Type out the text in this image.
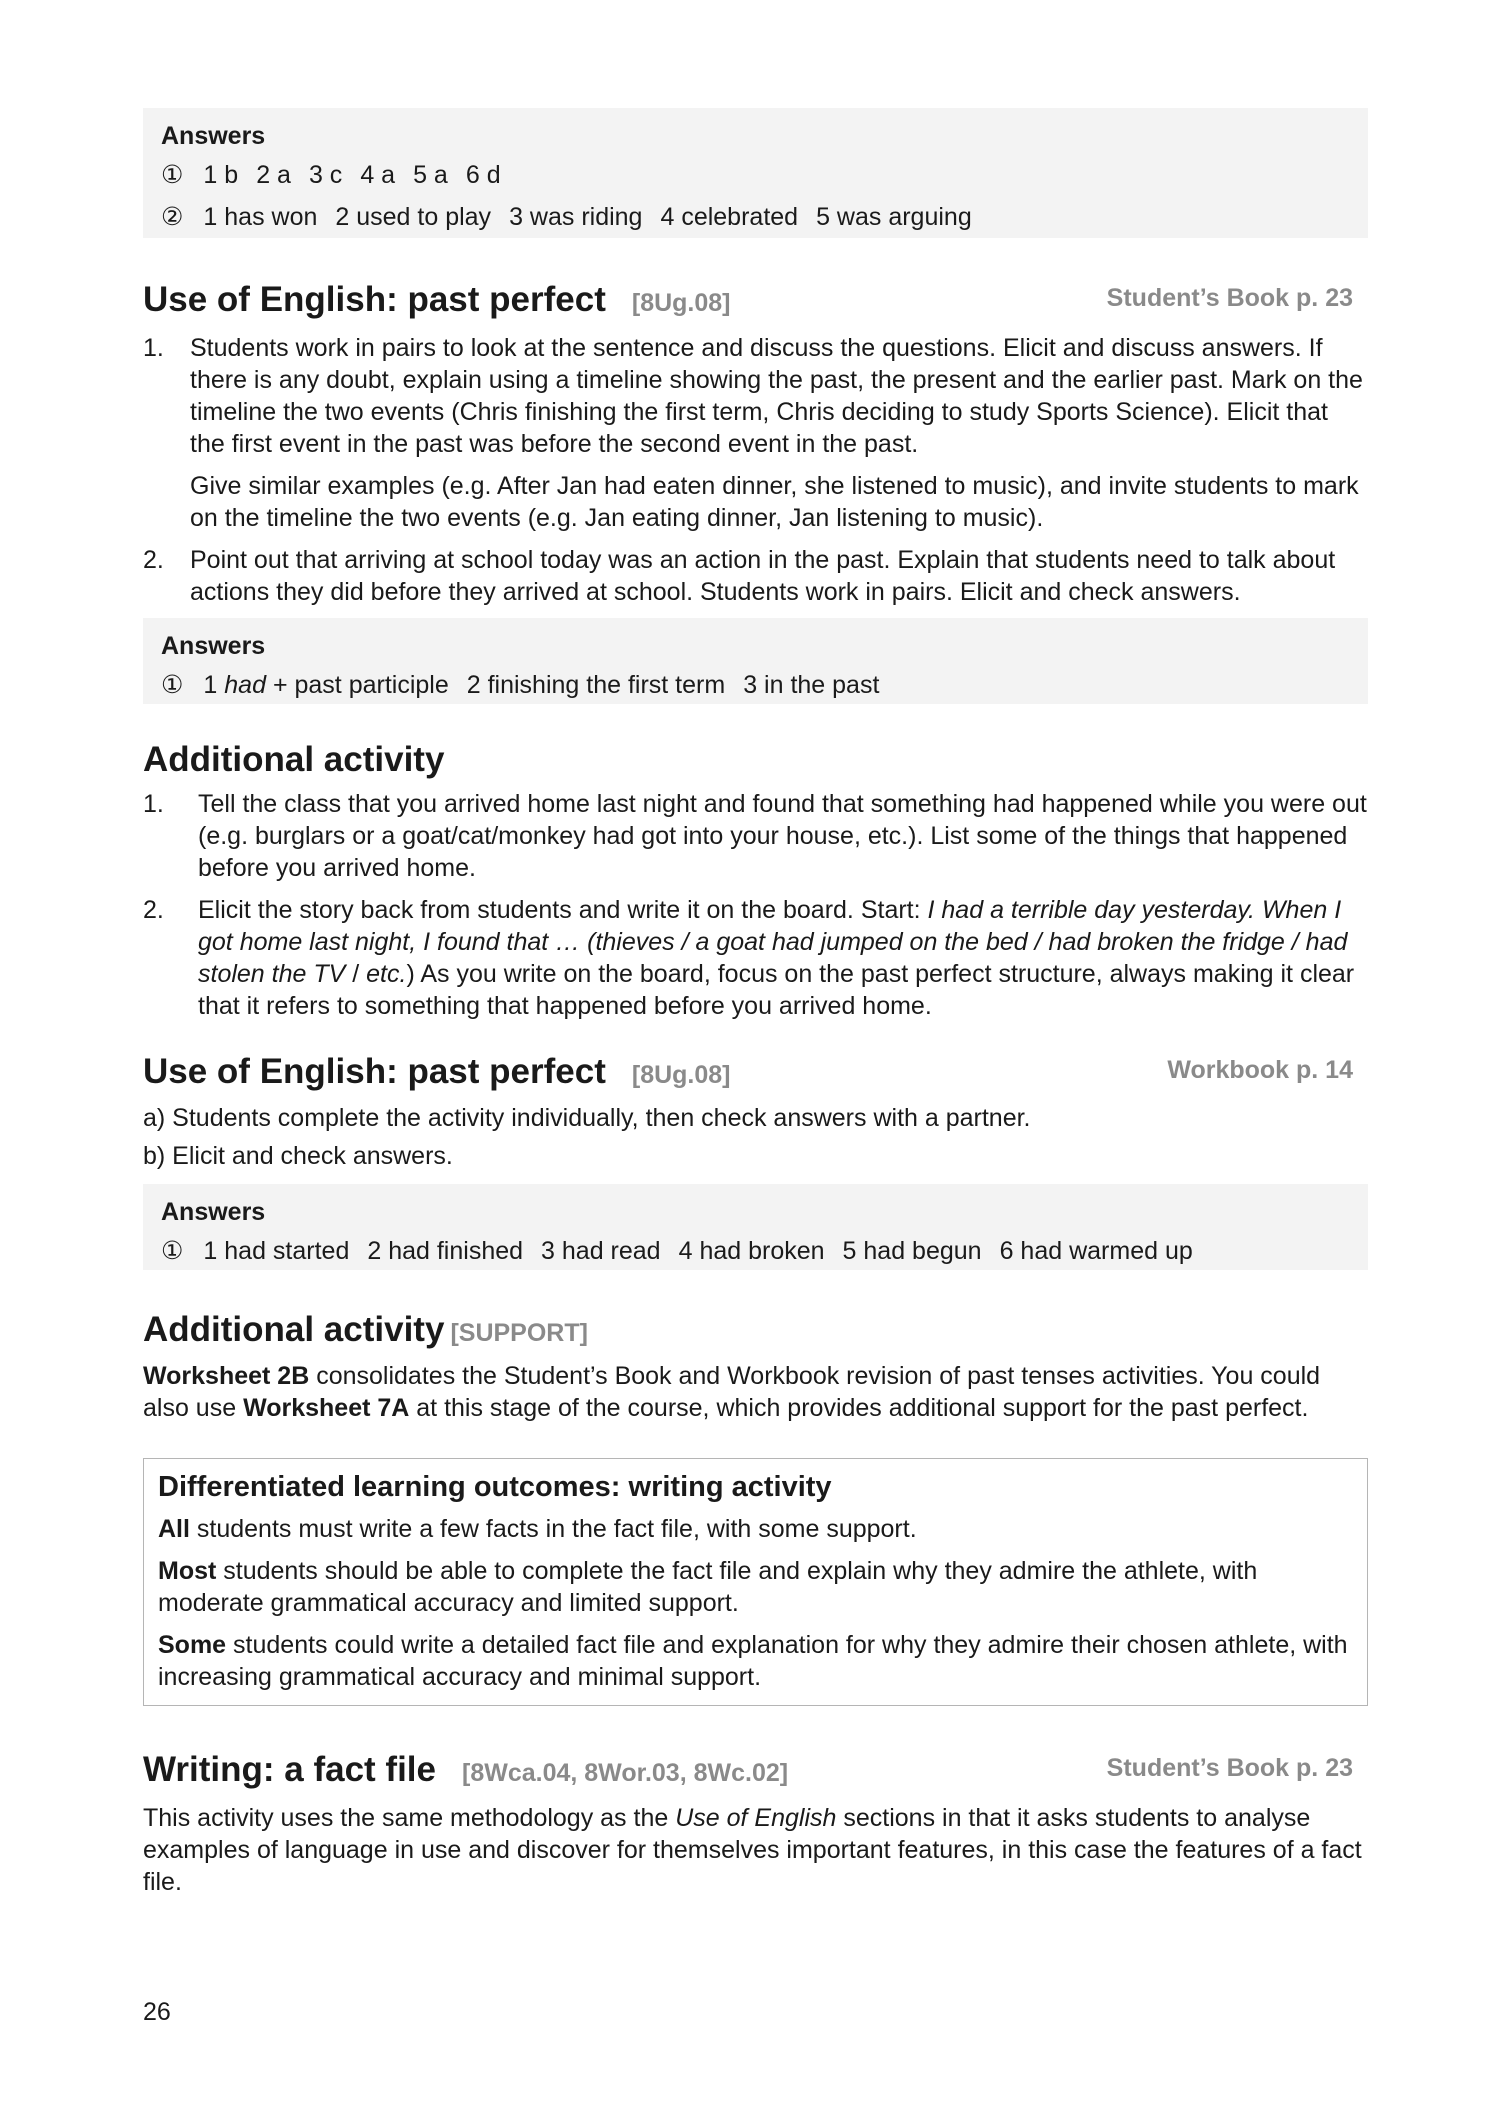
Answers
① 1 b 2 a 3 c 4 a 5 a 6 d
② 1 has won 2 used to play 3 was riding 4 celebrated 5 was arguing
Use of English: past perfect [8Ug.08]	Student’s Book p. 23
1. Students work in pairs to look at the sentence and discuss the questions. Elicit and discuss answers. If there is any doubt, explain using a timeline showing the past, the present and the earlier past. Mark on the timeline the two events (Chris finishing the first term, Chris deciding to study Sports Science). Elicit that the first event in the past was before the second event in the past.

Give similar examples (e.g. After Jan had eaten dinner, she listened to music), and invite students to mark on the timeline the two events (e.g. Jan eating dinner, Jan listening to music).

2. Point out that arriving at school today was an action in the past. Explain that students need to talk about actions they did before they arrived at school. Students work in pairs. Elicit and check answers.

Answers
① 1 had + past participle 2 finishing the first term 3 in the past
Additional activity
1. Tell the class that you arrived home last night and found that something had happened while you were out (e.g. burglars or a goat/cat/monkey had got into your house, etc.). List some of the things that happened before you arrived home.

2. Elicit the story back from students and write it on the board. Start: I had a terrible day yesterday. When I got home last night, I found that … (thieves / a goat had jumped on the bed / had broken the fridge / had stolen the TV / etc.) As you write on the board, focus on the past perfect structure, always making it clear that it refers to something that happened before you arrived home.

Use of English: past perfect [8Ug.08]	Workbook p. 14

a) Students complete the activity individually, then check answers with a partner.

b) Elicit and check answers.

Answers
① 1 had started 2 had finished 3 had read 4 had broken 5 had begun 6 had warmed up
Additional activity [SUPPORT]

Worksheet 2B consolidates the Student’s Book and Workbook revision of past tenses activities. You could also use Worksheet 7A at this stage of the course, which provides additional support for the past perfect.

Differentiated learning outcomes: writing activity

All students must write a few facts in the fact file, with some support.

Most students should be able to complete the fact file and explain why they admire the athlete, with moderate grammatical accuracy and limited support.

Some students could write a detailed fact file and explanation for why they admire their chosen athlete, with increasing grammatical accuracy and minimal support.

Writing: a fact file [8Wca.04, 8Wor.03, 8Wc.02]	Student’s Book p. 23

This activity uses the same methodology as the Use of English sections in that it asks students to analyse examples of language in use and discover for themselves important features, in this case the features of a fact file.

26
